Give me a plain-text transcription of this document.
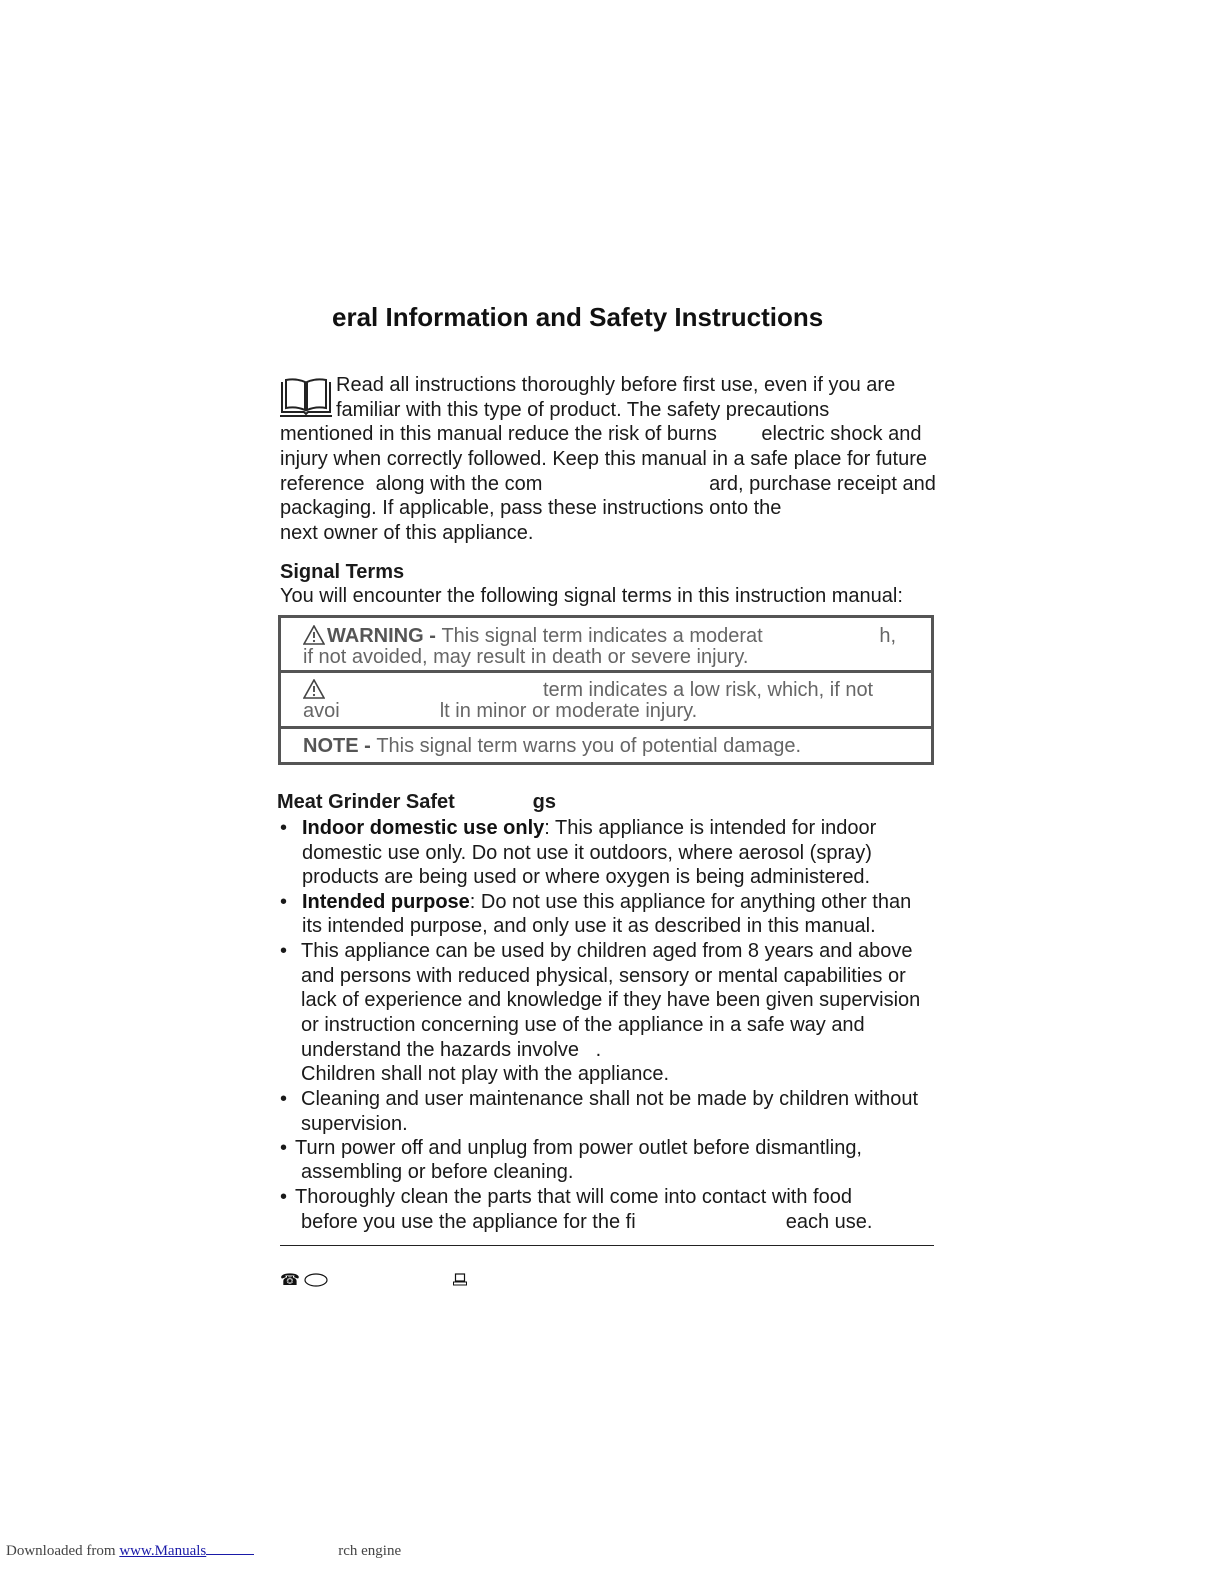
eral Information and Safety Instructions
Read all instructions thoroughly before first use, even if you are
familiar with this type of product. The safety precautions
mentioned in this manual reduce the risk of burns        electric shock and
injury when correctly followed. Keep this manual in a safe place for future
reference  along with the com                              ard, purchase receipt and
packaging. If applicable, pass these instructions onto the
next owner of this appliance.
Signal Terms
You will encounter the following signal terms in this instruction manual:
WARNING - This signal term indicates a moderat                     h,
if not avoided, may result in death or severe injury.
term indicates a low risk, which, if not
avoi                  lt in minor or moderate injury.
NOTE - This signal term warns you of potential damage.
Meat Grinder Safet              gs
• Indoor domestic use only: This appliance is intended for indoor
domestic use only. Do not use it outdoors, where aerosol (spray)
products are being used or where oxygen is being administered.
• Intended purpose: Do not use this appliance for anything other than
its intended purpose, and only use it as described in this manual.
• This appliance can be used by children aged from 8 years and above
and persons with reduced physical, sensory or mental capabilities or
lack of experience and knowledge if they have been given supervision
or instruction concerning use of the appliance in a safe way and
understand the hazards involve   .
Children shall not play with the appliance.
• Cleaning and user maintenance shall not be made by children without
supervision.
• Turn power off and unplug from power outlet before dismantling,
assembling or before cleaning.
• Thoroughly clean the parts that will come into contact with food
before you use the appliance for the fi                           each use.
☎
Downloaded from www.Manuals	rch engine
